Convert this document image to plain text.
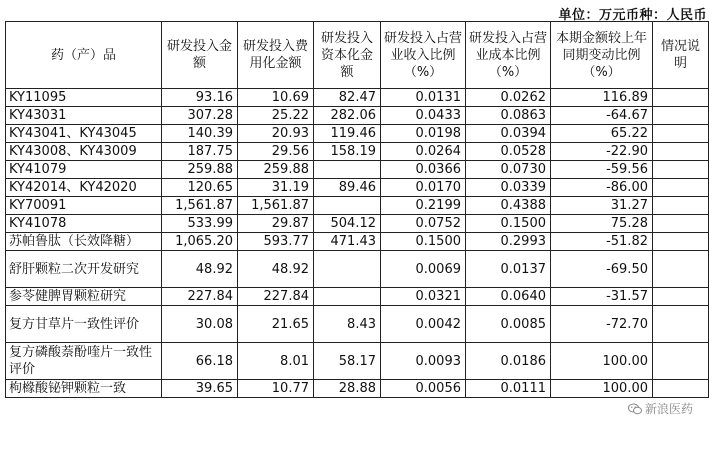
单位：万元币种：人民币
药（产）品	研发投入金额	研发投入费用化金额	研发投入资本化金额	研发投入占营业收入比例（%）	研发投入占营业成本比例（%）	本期金额较上年同期变动比例（%）	情况说明
KY11095	93.16	10.69	82.47	0.0131	0.0262	116.89	
KY43031	307.28	25.22	282.06	0.0433	0.0863	-64.67	
KY43041、KY43045	140.39	20.93	119.46	0.0198	0.0394	65.22	
KY43008、KY43009	187.75	29.56	158.19	0.0264	0.0528	-22.90	
KY41079	259.88	259.88		0.0366	0.0730	-59.56	
KY42014、KY42020	120.65	31.19	89.46	0.0170	0.0339	-86.00	
KY70091	1,561.87	1,561.87		0.2199	0.4388	31.27	
KY41078	533.99	29.87	504.12	0.0752	0.1500	75.28	
苏帕鲁肽（长效降糖）	1,065.20	593.77	471.43	0.1500	0.2993	-51.82	
舒肝颗粒二次开发研究	48.92	48.92		0.0069	0.0137	-69.50	
参苓健脾胃颗粒研究	227.84	227.84		0.0321	0.0640	-31.57	
复方甘草片一致性评价	30.08	21.65	8.43	0.0042	0.0085	-72.70	
复方磷酸萘酚喹片一致性评价	66.18	8.01	58.17	0.0093	0.0186	100.00	
枸橼酸铋钾颗粒一致	39.65	10.77	28.88	0.0056	0.0111	100.00	
新浪医药
